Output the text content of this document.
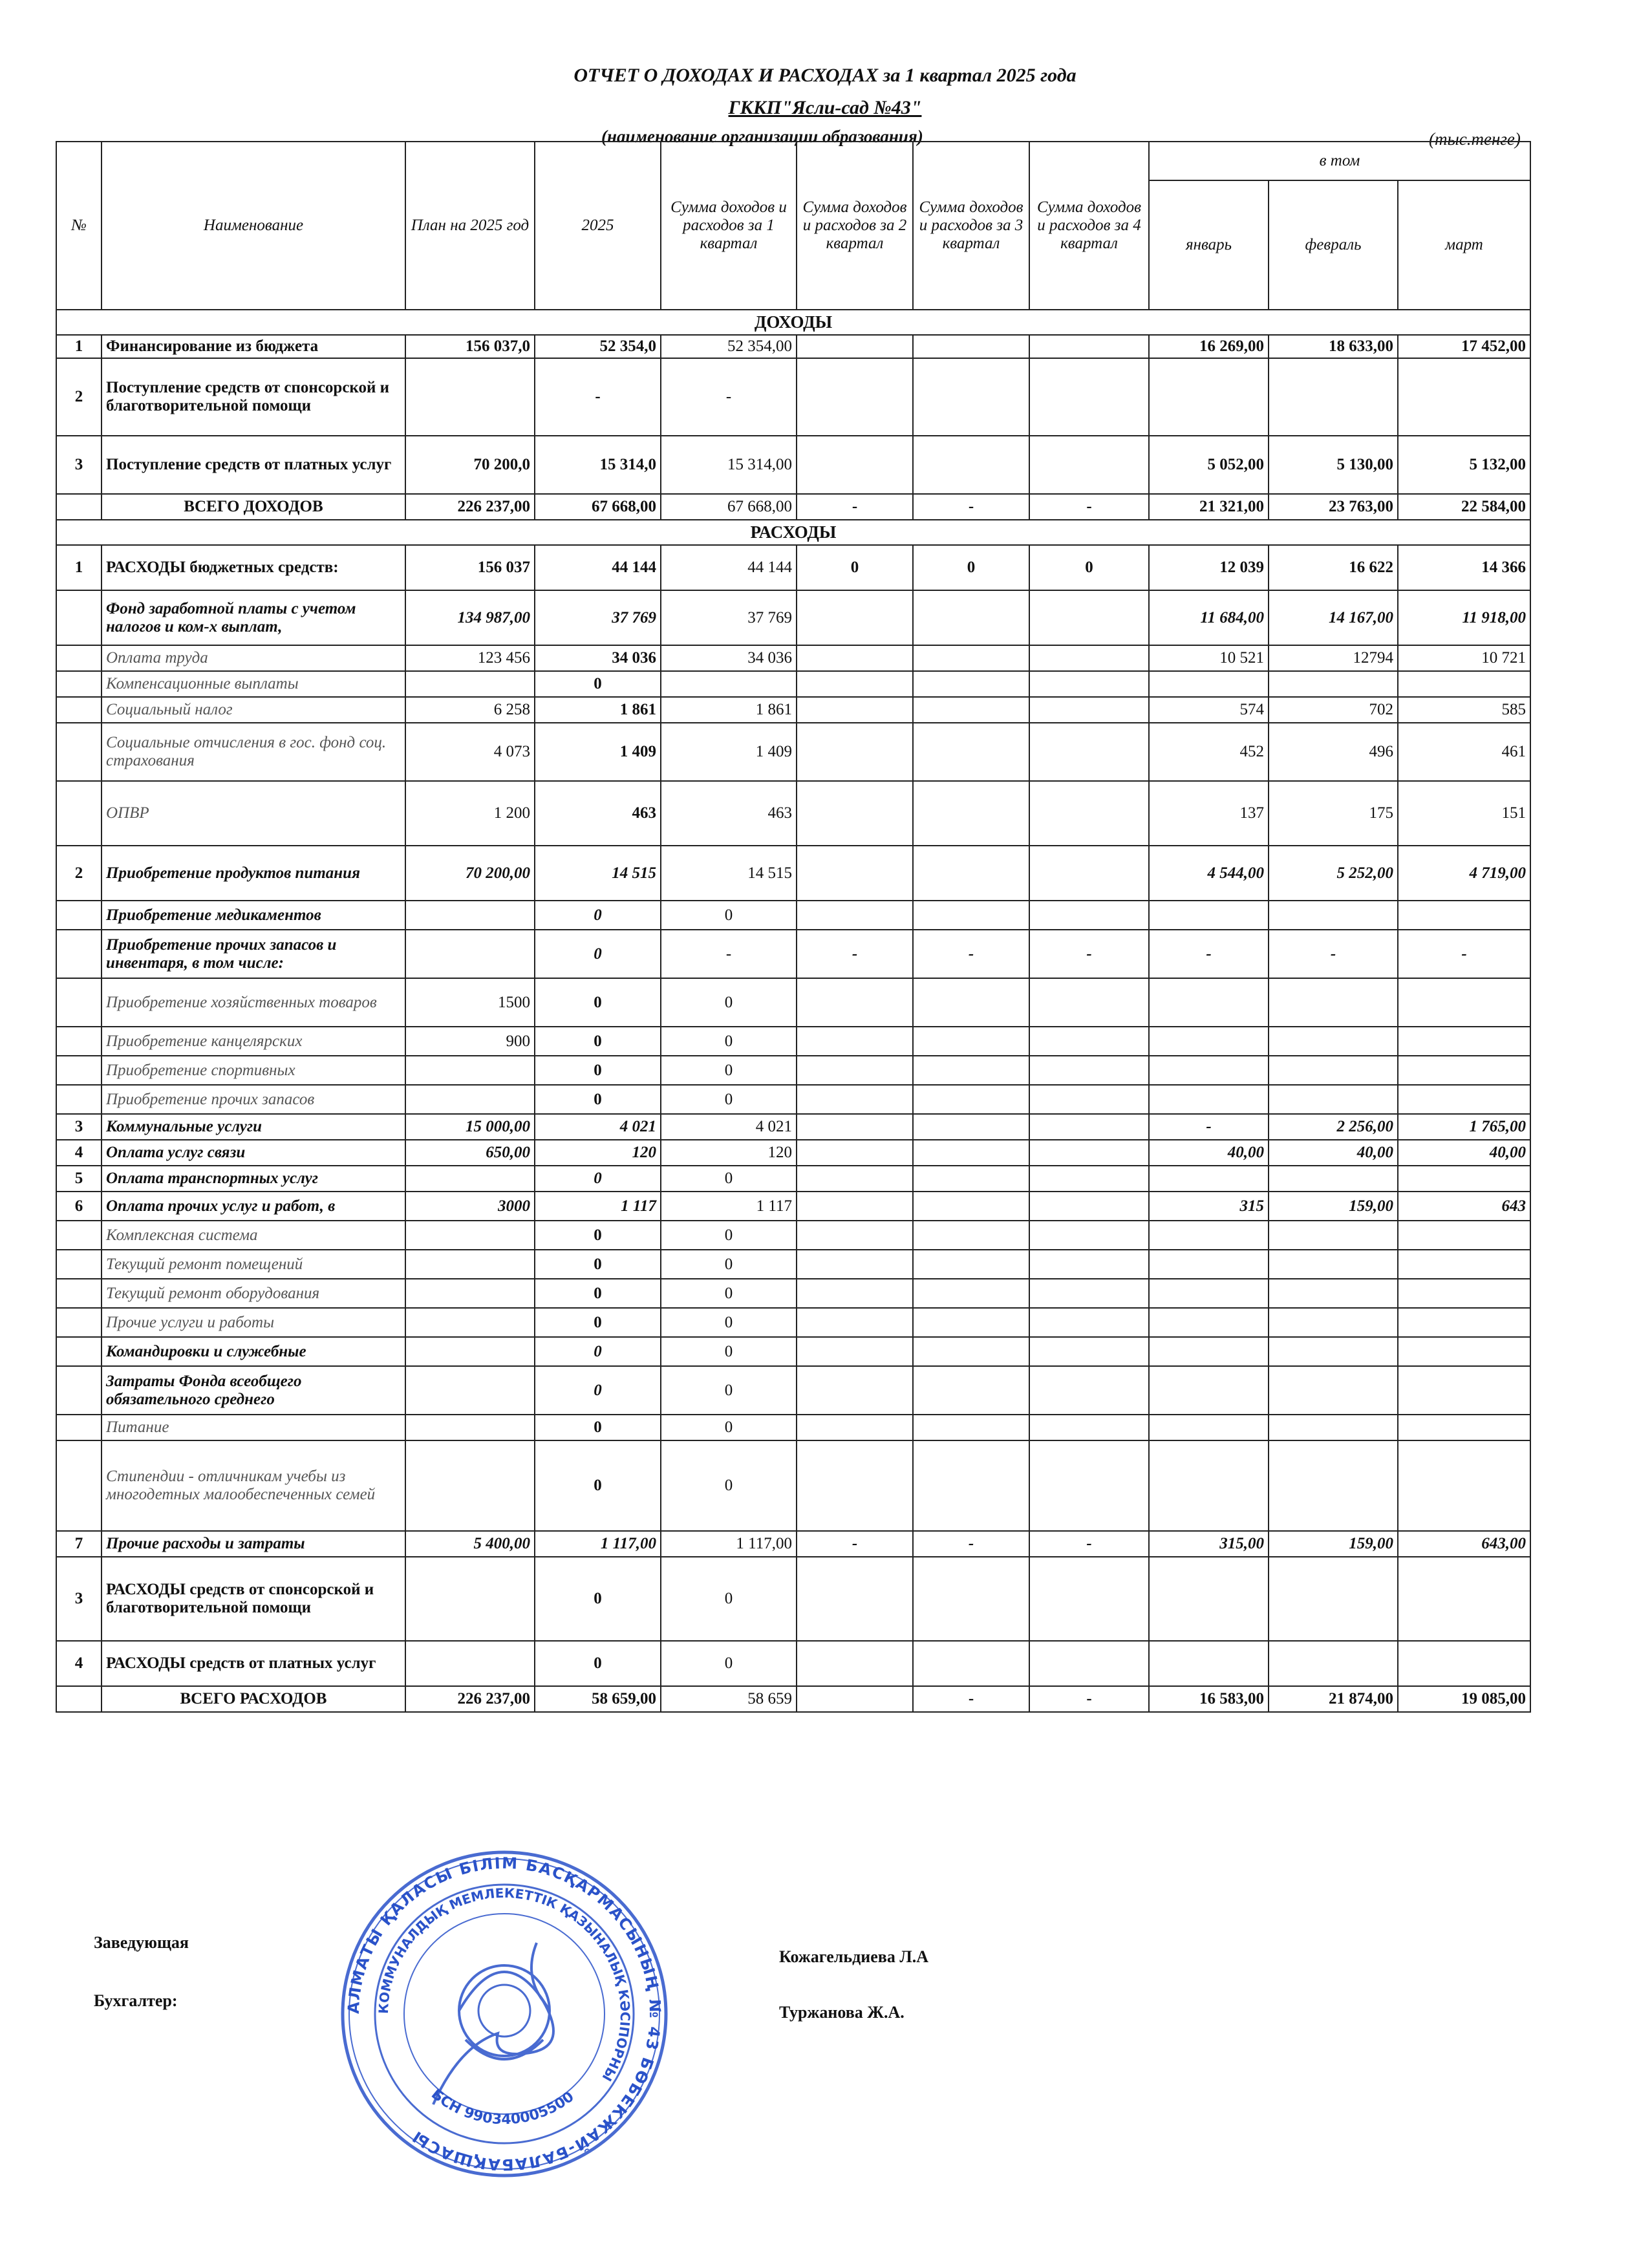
ОТЧЕТ О ДОХОДАХ И РАСХОДАХ за 1 квартал 2025 года
ГККП"Ясли-сад №43"
(наименование организации образования)	(тыс.тенге)
№	Наименование	План на 2025 год	2025	Сумма доходов и расходов за 1 квартал	Сумма доходов и расходов за 2 квартал	Сумма доходов и расходов за 3 квартал	Сумма доходов и расходов за 4 квартал	в том		
								январь	февраль	март
ДОХОДЫ										
1	Финансирование из бюджета	156 037,0	52 354,0	52 354,00				16 269,00	18 633,00	17 452,00
2	Поступление средств от спонсорской и благотворительной помощи		-	-						
3	Поступление средств от платных услуг	70 200,0	15 314,0	15 314,00				5 052,00	5 130,00	5 132,00
	ВСЕГО ДОХОДОВ	226 237,00	67 668,00	67 668,00	-	-	-	21 321,00	23 763,00	22 584,00
РАСХОДЫ										
1	РАСХОДЫ бюджетных средств:	156 037	44 144	44 144	0	0	0	12 039	16 622	14 366
	Фонд заработной платы с учетом налогов и ком-х выплат,	134 987,00	37 769	37 769				11 684,00	14 167,00	11 918,00
	Оплата труда	123 456	34 036	34 036				10 521	12794	10 721
	Компенсационные выплаты		0							
	Социальный налог	6 258	1 861	1 861				574	702	585
	Социальные отчисления в гос. фонд соц. страхования	4 073	1 409	1 409				452	496	461
	ОПВР	1 200	463	463				137	175	151
2	Приобретение продуктов питания	70 200,00	14 515	14 515				4 544,00	5 252,00	4 719,00
	Приобретение медикаментов		0	0						
	Приобретение прочих запасов и инвентаря, в том числе:		0	-	-	-	-	-	-	-
	Приобретение хозяйственных товаров	1500	0	0						
	Приобретение канцелярских	900	0	0						
	Приобретение спортивных		0	0						
	Приобретение прочих запасов		0	0						
3	Коммунальные услуги	15 000,00	4 021	4 021				-	2 256,00	1 765,00
4	Оплата услуг связи	650,00	120	120				40,00	40,00	40,00
5	Оплата транспортных услуг		0	0						
6	Оплата прочих услуг и работ, в	3000	1 117	1 117				315	159,00	643
	Комплексная система		0	0						
	Текущий ремонт помещений		0	0						
	Текущий ремонт оборудования		0	0						
	Прочие услуги и работы		0	0						
	Командировки и служебные		0	0						
	Затраты Фонда всеобщего обязательного среднего		0	0						
	Питание		0	0						
	Стипендии - отличникам учебы из многодетных малообеспеченных семей		0	0						
7	Прочие расходы и затраты	5 400,00	1 117,00	1 117,00	-	-	-	315,00	159,00	643,00
3	РАСХОДЫ средств от спонсорской и благотворительной помощи		0	0						
4	РАСХОДЫ средств от платных услуг		0	0						
	ВСЕГО РАСХОДОВ	226 237,00	58 659,00	58 659		-	-	16 583,00	21 874,00	19 085,00
Заведующая
Кожагельдиева Л.А
Бухгалтер:
Туржанова Ж.А.
АЛМАТЫ ҚАЛАСЫ БІЛІМ БАСҚАРМАСЫНЫҢ № 43 БӨБЕКЖАЙ-БАЛАБАҚШАСЫ
КОММУНАЛДЫҚ МЕМЛЕКЕТТІК ҚАЗЫНАЛЫҚ КӘСІПОРНЫ
БСН 990340005500
